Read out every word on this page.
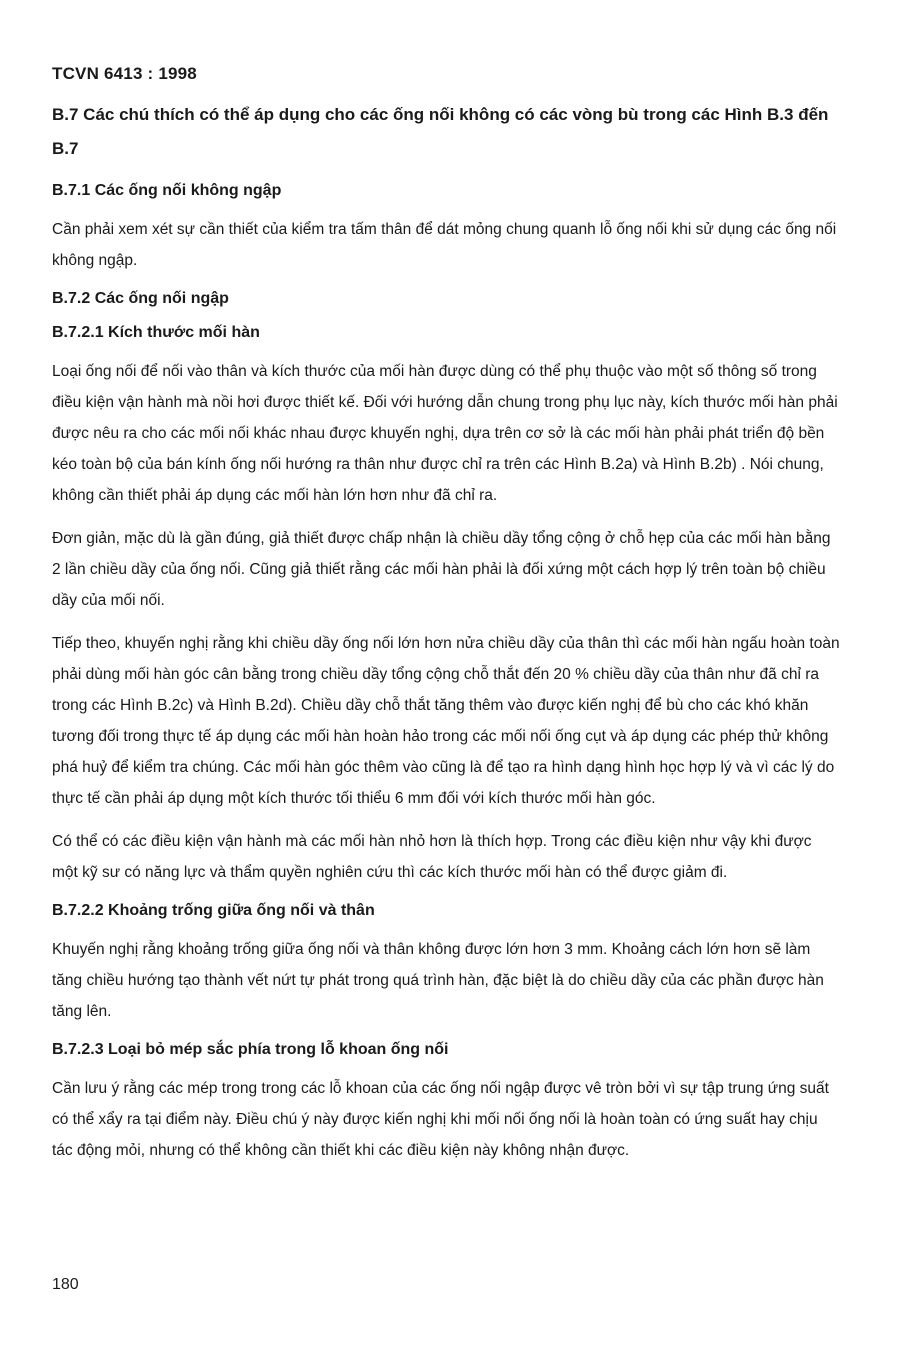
TCVN 6413 : 1998
B.7 Các chú thích có thể áp dụng cho các ống nối không có các vòng bù trong các Hình B.3 đến B.7
B.7.1 Các ống nối không ngập

Cần phải xem xét sự cần thiết của kiểm tra tấm thân để dát mỏng chung quanh lỗ ống nối khi sử dụng các ống nối không ngập.

B.7.2 Các ống nối ngập
B.7.2.1 Kích thước mối hàn

Loại ống nối để nối vào thân và kích thước của mối hàn được dùng có thể phụ thuộc vào một số thông số trong điều kiện vận hành mà nồi hơi được thiết kế. Đối với hướng dẫn chung trong phụ lục này, kích thước mối hàn phải được nêu ra cho các mối nối khác nhau được khuyến nghị, dựa trên cơ sở là các mối hàn phải phát triển độ bền kéo toàn bộ của bán kính ống nối hướng ra thân như được chỉ ra trên các Hình B.2a) và Hình B.2b) . Nói chung, không cần thiết phải áp dụng các mối hàn lớn hơn như đã chỉ ra.

Đơn giản, mặc dù là gần đúng, giả thiết được chấp nhận là chiều dầy tổng cộng ở chỗ hẹp của các mối hàn bằng 2 lần chiều dầy của ống nối. Cũng giả thiết rằng các mối hàn phải là đối xứng một cách hợp lý trên toàn bộ chiều dầy của mối nối.

Tiếp theo, khuyến nghị rằng khi chiều dầy ống nối lớn hơn nửa chiều dầy của thân thì các mối hàn ngấu hoàn toàn phải dùng mối hàn góc cân bằng trong chiều dầy tổng cộng chỗ thắt đến 20 % chiều dầy của thân như đã chỉ ra trong các Hình B.2c) và Hình B.2d). Chiều dầy chỗ thắt tăng thêm vào được kiến nghị để bù cho các khó khăn tương đối trong thực tế áp dụng các mối hàn hoàn hảo trong các mối nối ống cụt và áp dụng các phép thử không phá huỷ để kiểm tra chúng. Các mối hàn góc thêm vào cũng là để tạo ra hình dạng hình học hợp lý và vì các lý do thực tế cần phải áp dụng một kích thước tối thiểu 6 mm đối với kích thước mối hàn góc.

Có thể có các điều kiện vận hành mà các mối hàn nhỏ hơn là thích hợp. Trong các điều kiện như vậy khi được một kỹ sư có năng lực và thẩm quyền nghiên cứu thì các kích thước mối hàn có thể được giảm đi.

B.7.2.2 Khoảng trống giữa ống nối và thân

Khuyến nghị rằng khoảng trống giữa ống nối và thân không được lớn hơn 3 mm. Khoảng cách lớn hơn sẽ làm tăng chiều hướng tạo thành vết nứt tự phát trong quá trình hàn, đặc biệt là do chiều dầy của các phần được hàn tăng lên.

B.7.2.3 Loại bỏ mép sắc phía trong lỗ khoan ống nối

Cần lưu ý rằng các mép trong trong các lỗ khoan của các ống nối ngập được vê tròn bởi vì sự tập trung ứng suất có thể xẩy ra tại điểm này. Điều chú ý này được kiến nghị khi mối nối ống nối là hoàn toàn có ứng suất hay chịu tác động mỏi, nhưng có thể không cần thiết khi các điều kiện này không nhận được.

180
